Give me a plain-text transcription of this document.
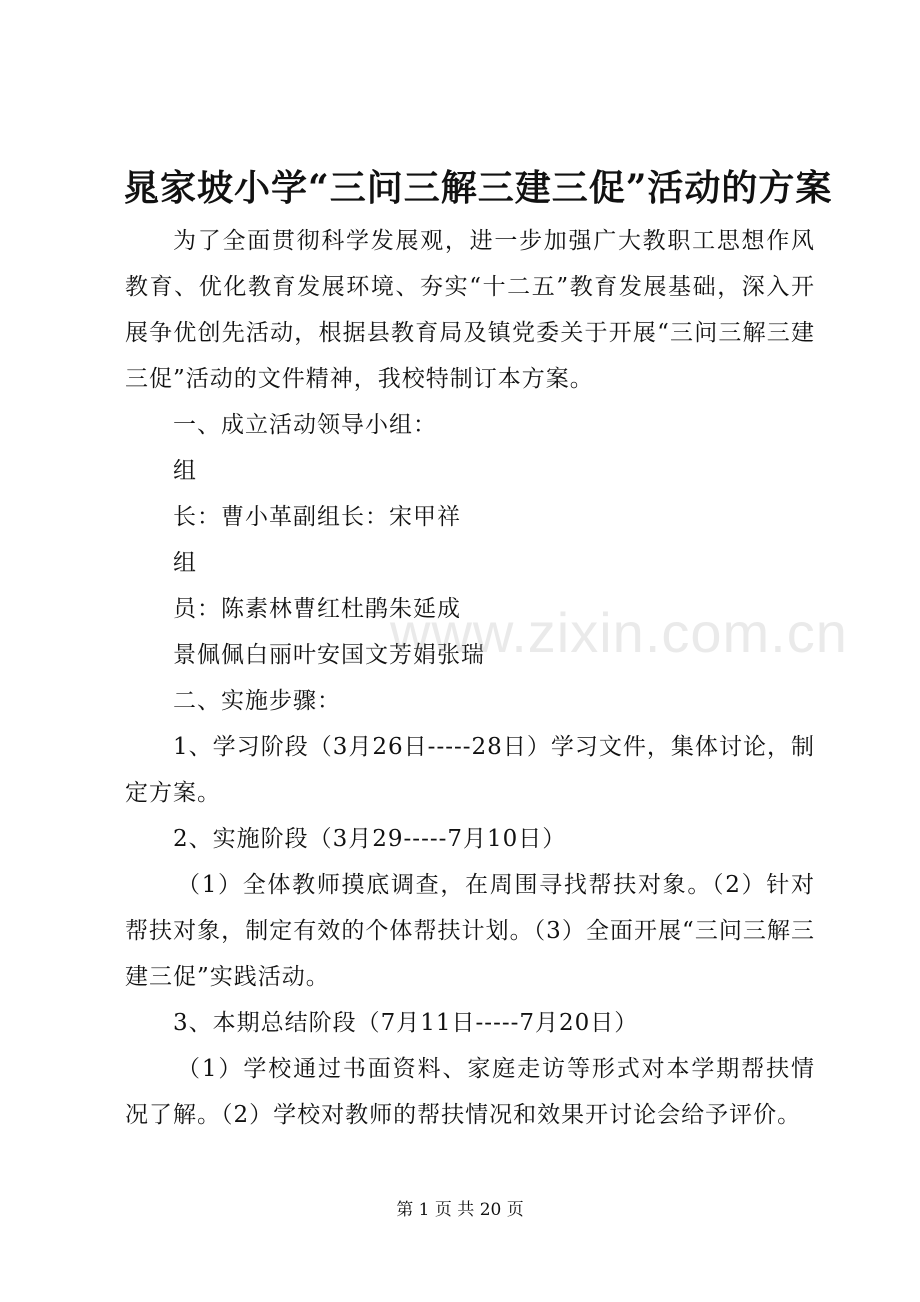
晁家坡小学“三问三解三建三促”活动的方案

为了全面贯彻科学发展观，进一步加强广大教职工思想作风教育、优化教育发展环境、夯实“十二五”教育发展基础，深入开展争优创先活动，根据县教育局及镇党委关于开展“三问三解三建三促”活动的文件精神，我校特制订本方案。

一、成立活动领导小组：

组

长：曹小革副组长：宋甲祥

组

员：陈素林曹红杜鹃朱延成

景佩佩白丽叶安国文芳娟张瑞

二、实施步骤：

1、学习阶段（3月26日-----28日）学习文件，集体讨论，制定方案。

2、实施阶段（3月29-----7月10日）

（1）全体教师摸底调查，在周围寻找帮扶对象。（2）针对帮扶对象，制定有效的个体帮扶计划。（3）全面开展“三问三解三建三促”实践活动。

3、本期总结阶段（7月11日-----7月20日）

（1）学校通过书面资料、家庭走访等形式对本学期帮扶情况了解。（2）学校对教师的帮扶情况和效果开讨论会给予评价。

www.zixin.com.cn
第 1 页 共 20 页
